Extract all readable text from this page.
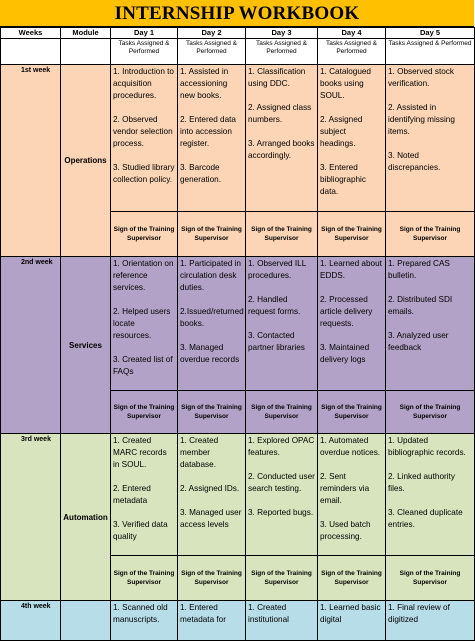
INTERNSHIP WORKBOOK
Weeks	Module	Day 1	Day 2	Day 3	Day 4	Day 5
		Tasks Assigned & Performed	Tasks Assigned & Performed	Tasks Assigned & Performed	Tasks Assigned & Performed	Tasks Assigned & Performed
1st week	Operations	1. Introduction to acquisition procedures.
2. Observed vendor selection process.
3. Studied library collection policy.	1. Assisted in accessioning new books.
2. Entered data into accession register.
3. Barcode generation.	1. Classification using DDC.
2. Assigned class numbers.
3. Arranged books accordingly.	1. Catalogued books using SOUL.
2. Assigned subject headings.
3. Entered bibliographic data.	1. Observed stock verification.
2. Assisted in identifying missing items.
3. Noted discrepancies.

		Sign of the Training Supervisor	Sign of the Training Supervisor	Sign of the Training Supervisor	Sign of the Training Supervisor	Sign of the Training Supervisor
2nd week	Services	1. Orientation on reference services.
2. Helped users locate resources.
3. Created list of FAQs	1. Participated in circulation desk duties.
2.Issued/returned books.
3. Managed overdue records	1. Observed ILL procedures.
2. Handled request forms.
3. Contacted partner libraries	1. Learned about EDDS.
2. Processed article delivery requests.
3. Maintained delivery logs	1. Prepared CAS bulletin.
2. Distributed SDI emails.
3. Analyzed user feedback

		Sign of the Training Supervisor	Sign of the Training Supervisor	Sign of the Training Supervisor	Sign of the Training Supervisor	Sign of the Training Supervisor
3rd week	Automation	1. Created MARC records in SOUL.
2. Entered metadata
3. Verified data quality	1. Created member database.
2. Assigned IDs.
3. Managed user access levels	1. Explored OPAC features.
2. Conducted user search testing.
3. Reported bugs.	1. Automated overdue notices.
2. Sent reminders via email.
3. Used batch processing.	1. Updated bibliographic records.
2. Linked authority files.
3. Cleaned duplicate entries.

		Sign of the Training Supervisor	Sign of the Training Supervisor	Sign of the Training Supervisor	Sign of the Training Supervisor	Sign of the Training Supervisor
4th week		1. Scanned old manuscripts.	1. Entered metadata for	1. Created institutional	1. Learned basic digital	1. Final review of digitized
